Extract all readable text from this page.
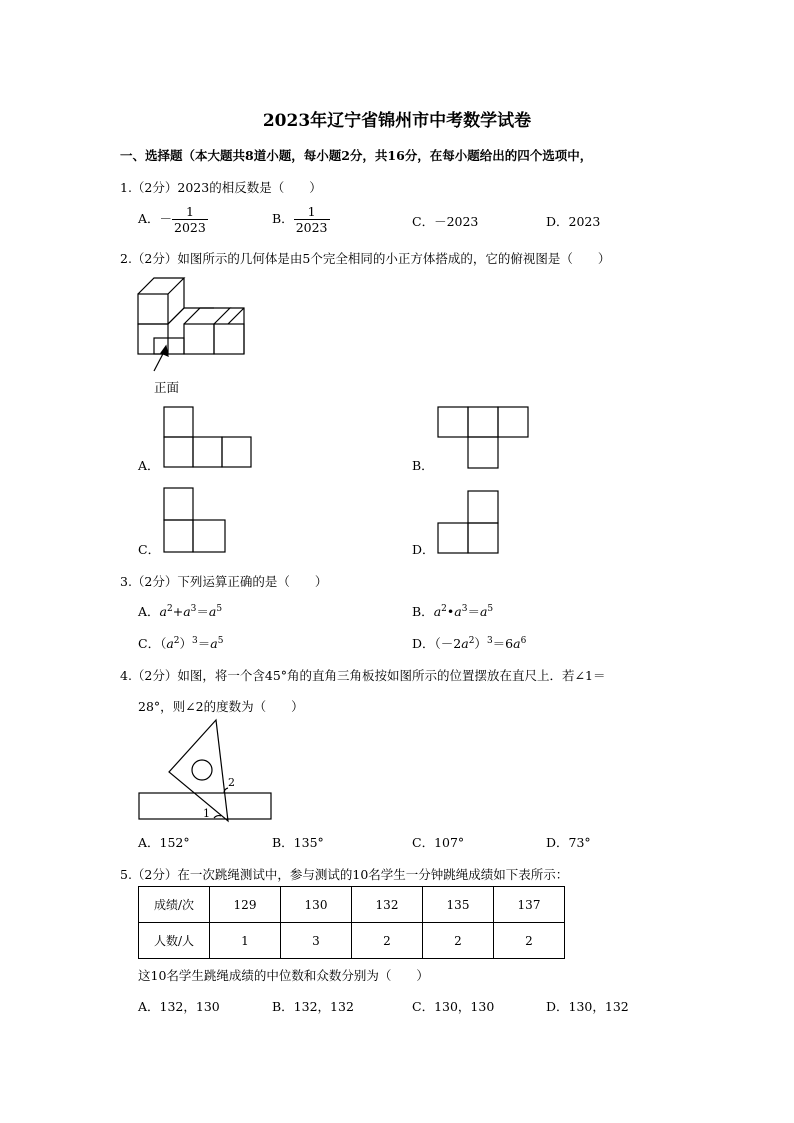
2023年辽宁省锦州市中考数学试卷
一、选择题（本大题共8道小题，每小题2分，共16分，在每小题给出的四个选项中，
1.（2分）2023的相反数是（　　）
A．－ $\frac{1}{2023}$	B． $\frac{1}{2023}$	C．－2023	D．2023
2.（2分）如图所示的几何体是由5个完全相同的小正方体搭成的，它的俯视图是（　　）
正面
A．	B．
C．	D．
3.（2分）下列运算正确的是（　　）
A．$a^2+a^3=a^5$	B．$a^2•a^3=a^5$
C．$(a^2)^3=a^5$	D．$(-2a^2)^3=6a^6$
4.（2分）如图，将一个含45°角的直角三角板按如图所示的位置摆放在直尺上．若∠1＝
28°，则∠2的度数为（　　）
2
1
A．152°	B．135°	C．107°	D．73°
5.（2分）在一次跳绳测试中，参与测试的10名学生一分钟跳绳成绩如下表所示：
成绩/次	129	130	132	135	137
人数/人	1	3	2	2	2
这10名学生跳绳成绩的中位数和众数分别为（　　）
A．132，130	B．132，132	C．130，130	D．130，132
